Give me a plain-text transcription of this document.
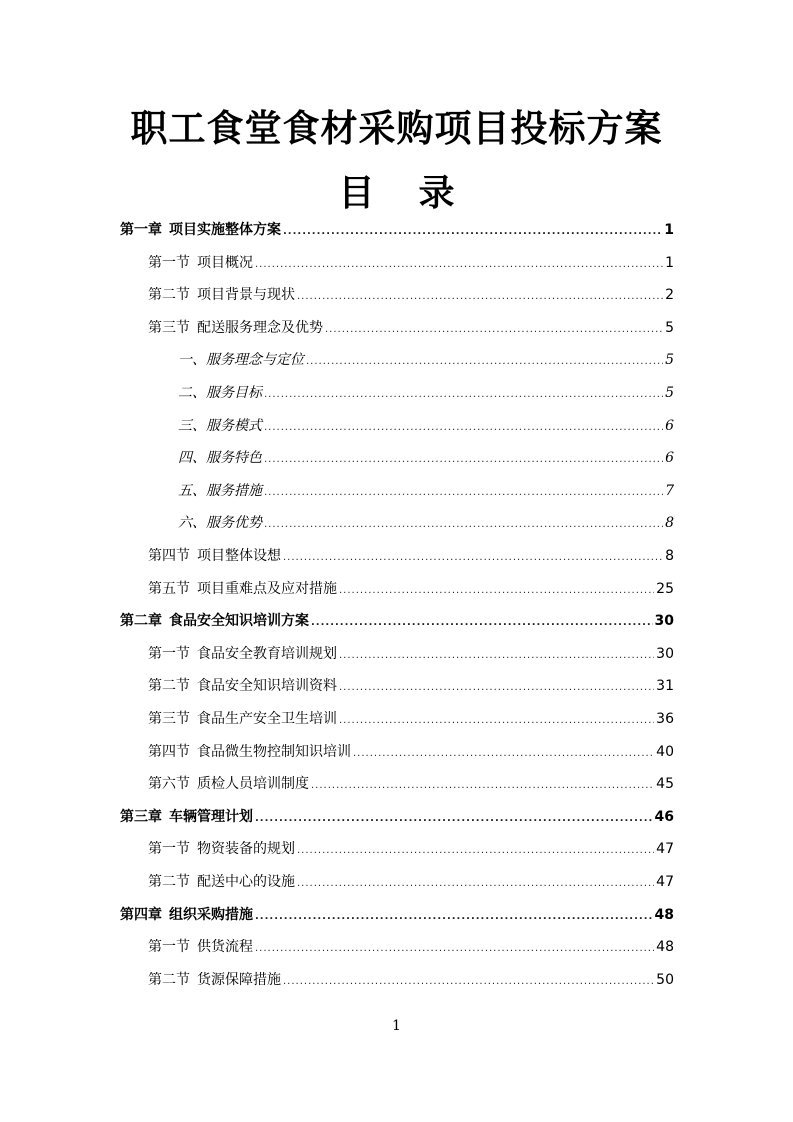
职工食堂食材采购项目投标方案
目 录
第一章 项目实施整体方案 .....	1
第一节 项目概况 .....	1
第二节 项目背景与现状 .....	2
第三节 配送服务理念及优势 .....	5
一、服务理念与定位 .....	5
二、服务目标 .....	5
三、服务模式 .....	6
四、服务特色 .....	6
五、服务措施 .....	7
六、服务优势 .....	8
第四节 项目整体设想 .....	8
第五节 项目重难点及应对措施 .....	25
第二章 食品安全知识培训方案 .....	30
第一节 食品安全教育培训规划 .....	30
第二节 食品安全知识培训资料 .....	31
第三节 食品生产安全卫生培训 .....	36
第四节 食品微生物控制知识培训 .....	40
第六节 质检人员培训制度 .....	45
第三章 车辆管理计划 .....	46
第一节 物资装备的规划 .....	47
第二节 配送中心的设施 .....	47
第四章 组织采购措施 .....	48
第一节 供货流程 .....	48
第二节 货源保障措施 .....	50
1
